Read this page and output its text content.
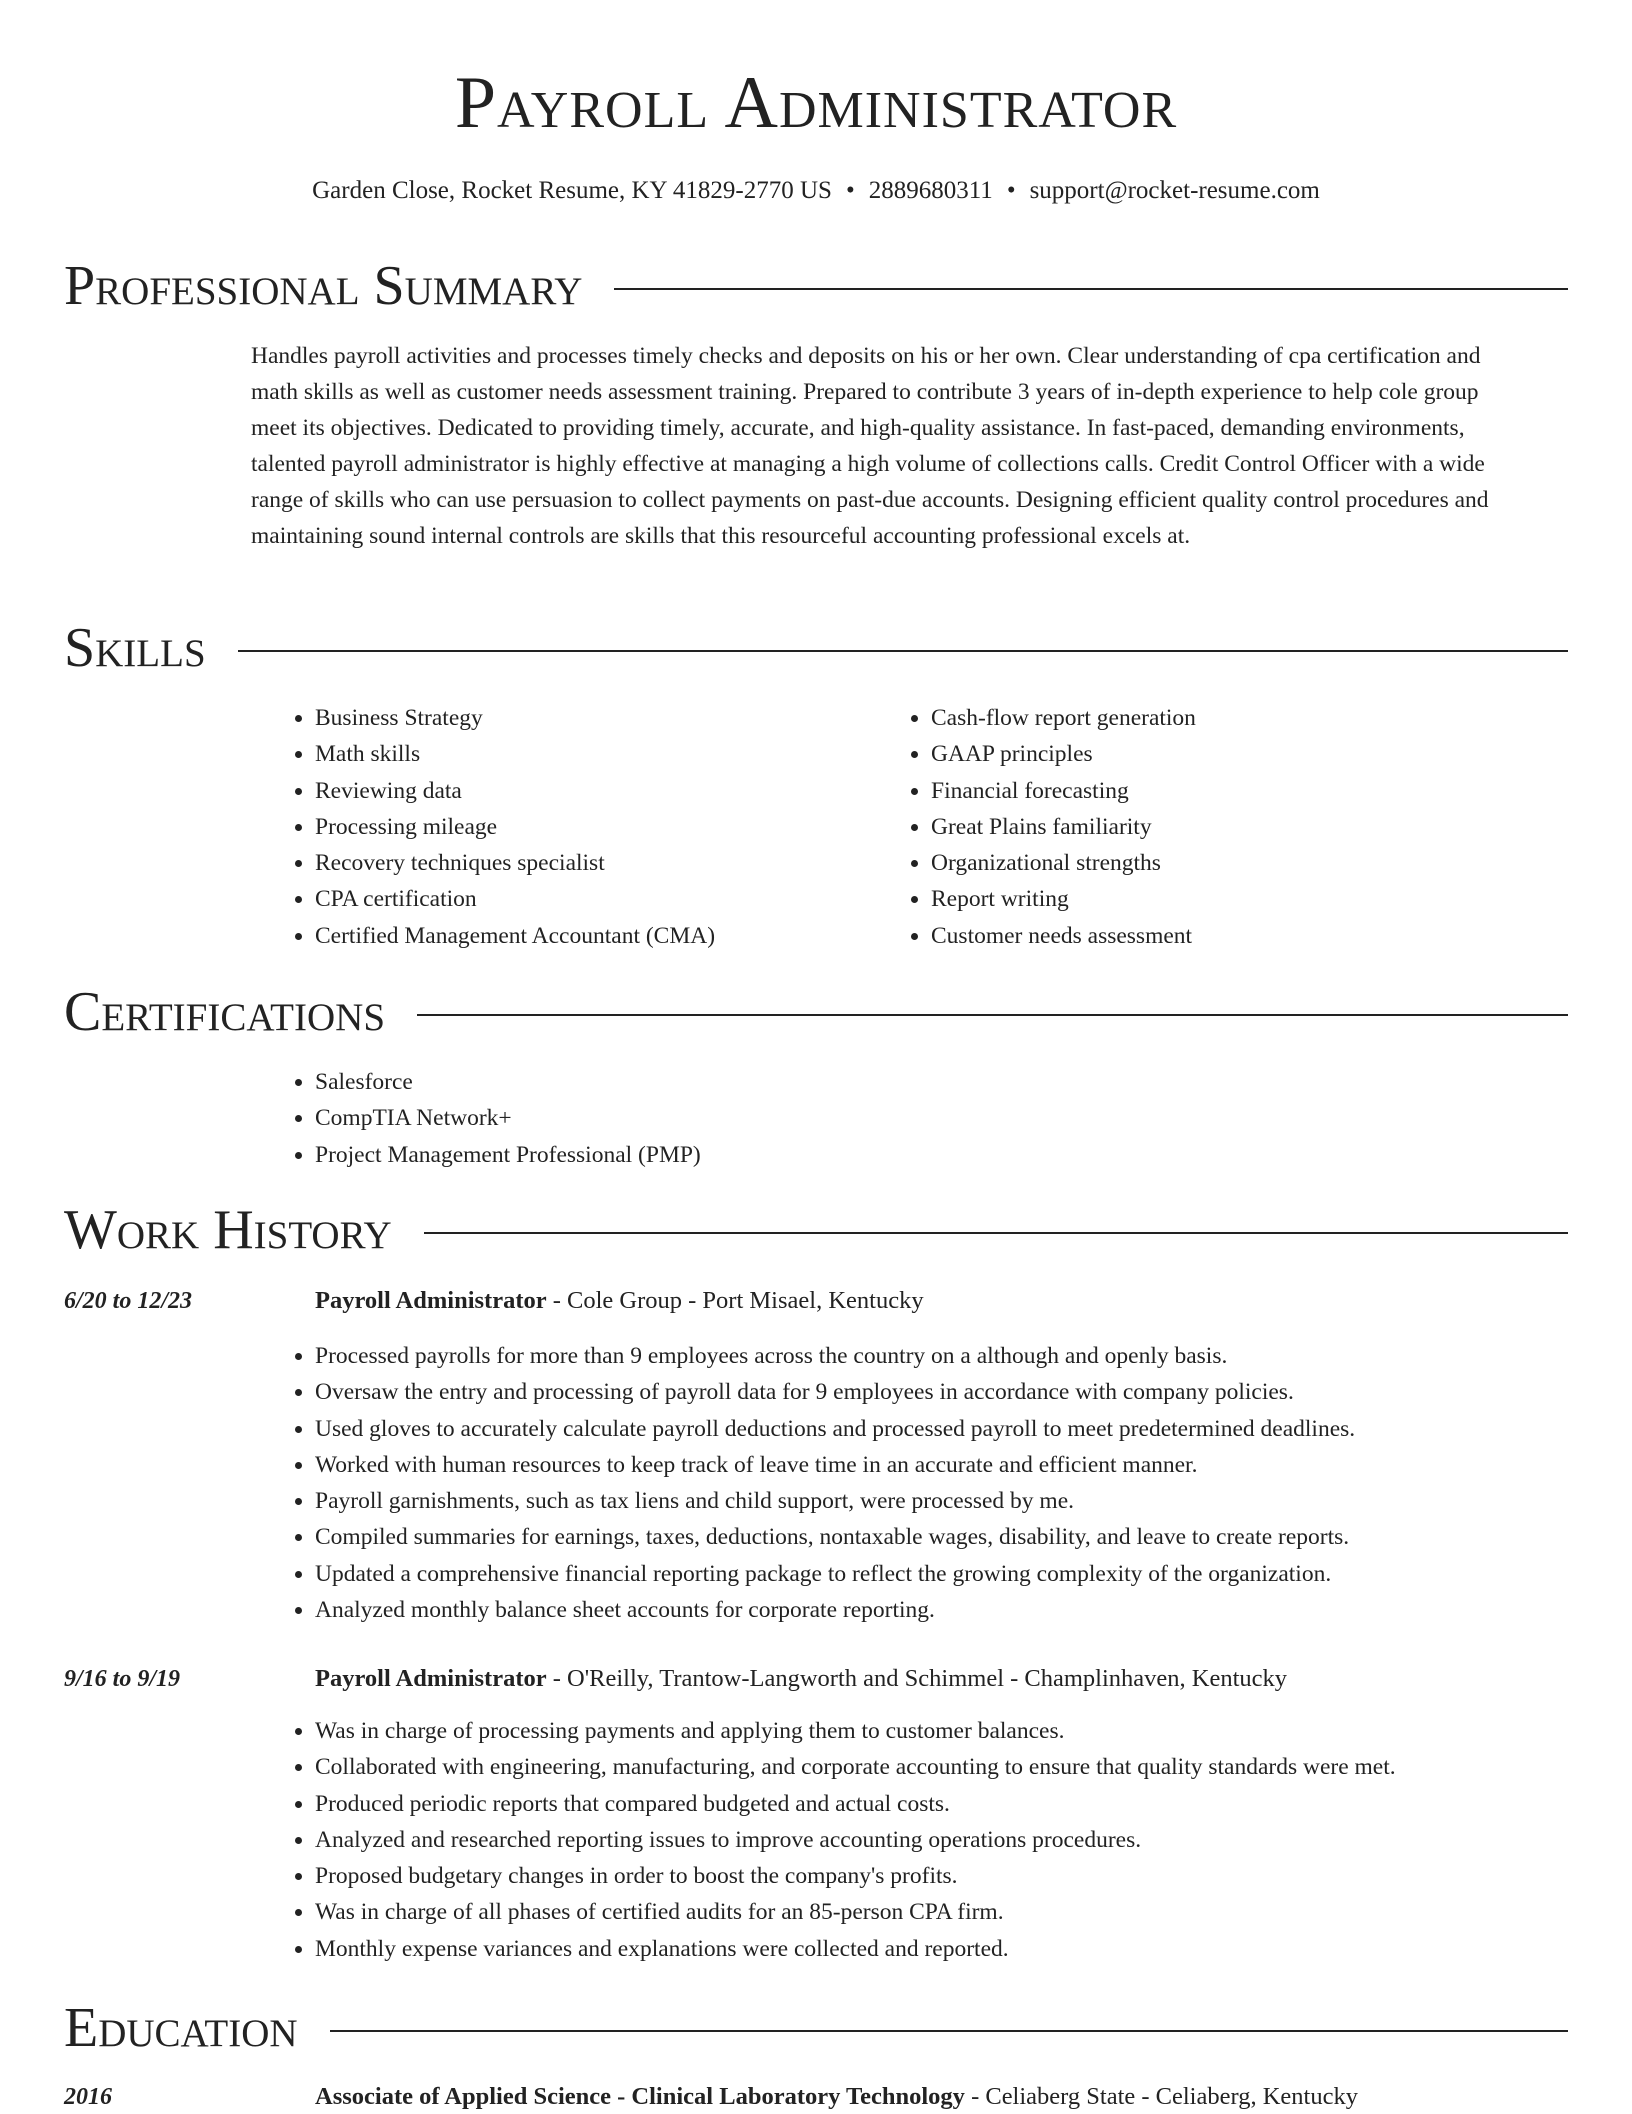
Payroll Administrator
Garden Close, Rocket Resume, KY 41829-2770 US • 2889680311 • support@rocket-resume.com
Professional Summary
Handles payroll activities and processes timely checks and deposits on his or her own. Clear understanding of cpa certification and math skills as well as customer needs assessment training. Prepared to contribute 3 years of in-depth experience to help cole group meet its objectives. Dedicated to providing timely, accurate, and high-quality assistance. In fast-paced, demanding environments, talented payroll administrator is highly effective at managing a high volume of collections calls. Credit Control Officer with a wide range of skills who can use persuasion to collect payments on past-due accounts. Designing efficient quality control procedures and maintaining sound internal controls are skills that this resourceful accounting professional excels at.
Skills
• Business Strategy
• Math skills
• Reviewing data
• Processing mileage
• Recovery techniques specialist
• CPA certification
• Certified Management Accountant (CMA)
• Cash-flow report generation
• GAAP principles
• Financial forecasting
• Great Plains familiarity
• Organizational strengths
• Report writing
• Customer needs assessment
Certifications
• Salesforce
• CompTIA Network+
• Project Management Professional (PMP)
Work History
6/20 to 12/23	Payroll Administrator - Cole Group - Port Misael, Kentucky
• Processed payrolls for more than 9 employees across the country on a although and openly basis.
• Oversaw the entry and processing of payroll data for 9 employees in accordance with company policies.
• Used gloves to accurately calculate payroll deductions and processed payroll to meet predetermined deadlines.
• Worked with human resources to keep track of leave time in an accurate and efficient manner.
• Payroll garnishments, such as tax liens and child support, were processed by me.
• Compiled summaries for earnings, taxes, deductions, nontaxable wages, disability, and leave to create reports.
• Updated a comprehensive financial reporting package to reflect the growing complexity of the organization.
• Analyzed monthly balance sheet accounts for corporate reporting.
9/16 to 9/19	Payroll Administrator - O'Reilly, Trantow-Langworth and Schimmel - Champlinhaven, Kentucky
• Was in charge of processing payments and applying them to customer balances.
• Collaborated with engineering, manufacturing, and corporate accounting to ensure that quality standards were met.
• Produced periodic reports that compared budgeted and actual costs.
• Analyzed and researched reporting issues to improve accounting operations procedures.
• Proposed budgetary changes in order to boost the company's profits.
• Was in charge of all phases of certified audits for an 85-person CPA firm.
• Monthly expense variances and explanations were collected and reported.
Education
2016	Associate of Applied Science - Clinical Laboratory Technology - Celiaberg State - Celiaberg, Kentucky
